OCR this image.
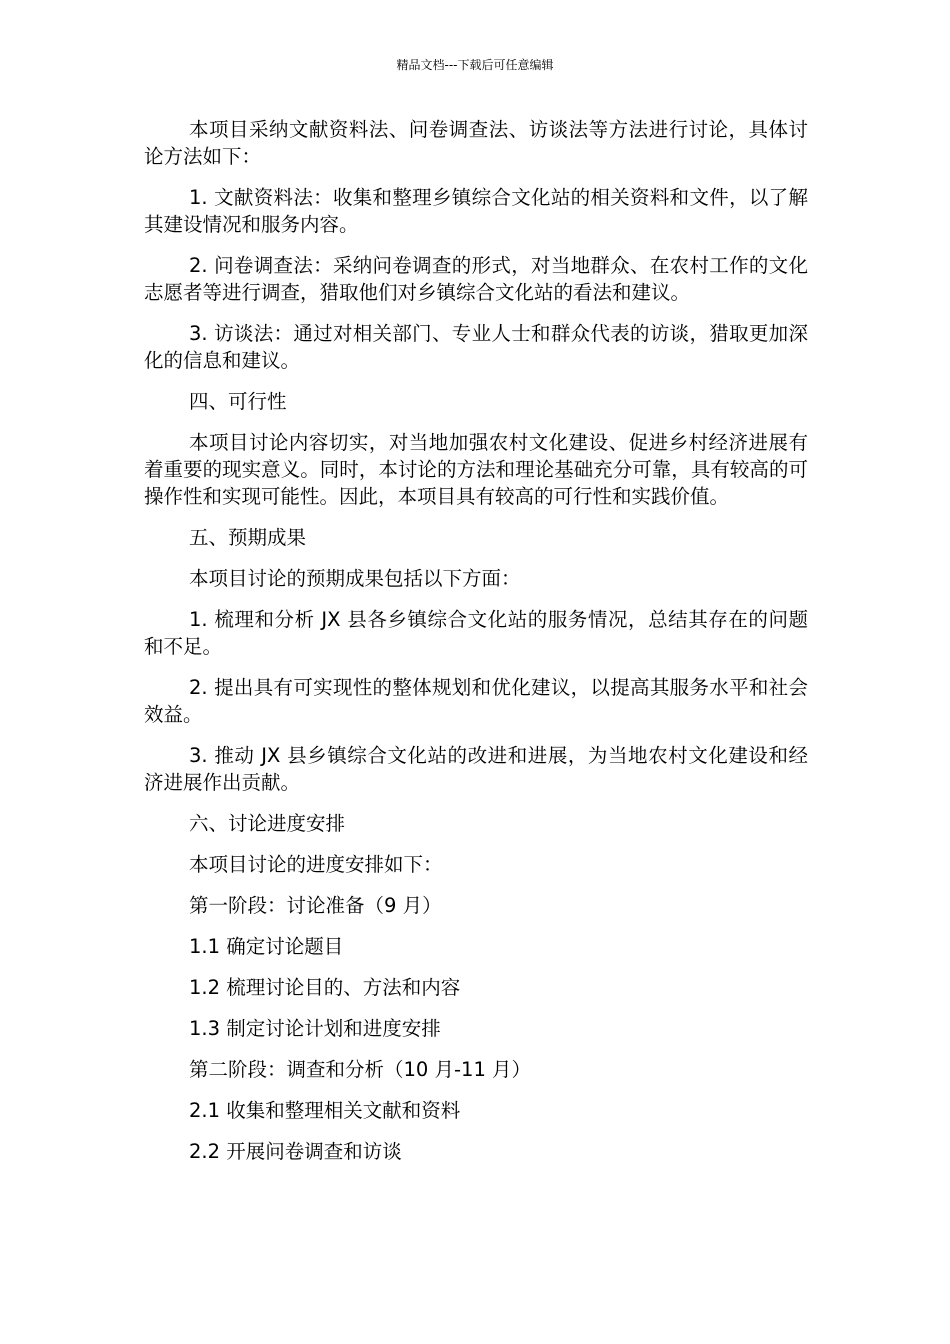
精品文档---下载后可任意编辑

本项目采纳文献资料法、问卷调查法、访谈法等方法进行讨论，具体讨论方法如下：

1. 文献资料法：收集和整理乡镇综合文化站的相关资料和文件，以了解其建设情况和服务内容。

2. 问卷调查法：采纳问卷调查的形式，对当地群众、在农村工作的文化志愿者等进行调查，猎取他们对乡镇综合文化站的看法和建议。

3. 访谈法：通过对相关部门、专业人士和群众代表的访谈，猎取更加深化的信息和建议。

四、可行性

本项目讨论内容切实，对当地加强农村文化建设、促进乡村经济进展有着重要的现实意义。同时，本讨论的方法和理论基础充分可靠，具有较高的可操作性和实现可能性。因此，本项目具有较高的可行性和实践价值。

五、预期成果

本项目讨论的预期成果包括以下方面：

1. 梳理和分析 JX 县各乡镇综合文化站的服务情况，总结其存在的问题和不足。

2. 提出具有可实现性的整体规划和优化建议，以提高其服务水平和社会效益。

3. 推动 JX 县乡镇综合文化站的改进和进展，为当地农村文化建设和经济进展作出贡献。

六、讨论进度安排

本项目讨论的进度安排如下：

第一阶段：讨论准备（9 月）

1.1 确定讨论题目

1.2 梳理讨论目的、方法和内容

1.3 制定讨论计划和进度安排

第二阶段：调查和分析（10 月-11 月）

2.1 收集和整理相关文献和资料

2.2 开展问卷调查和访谈
